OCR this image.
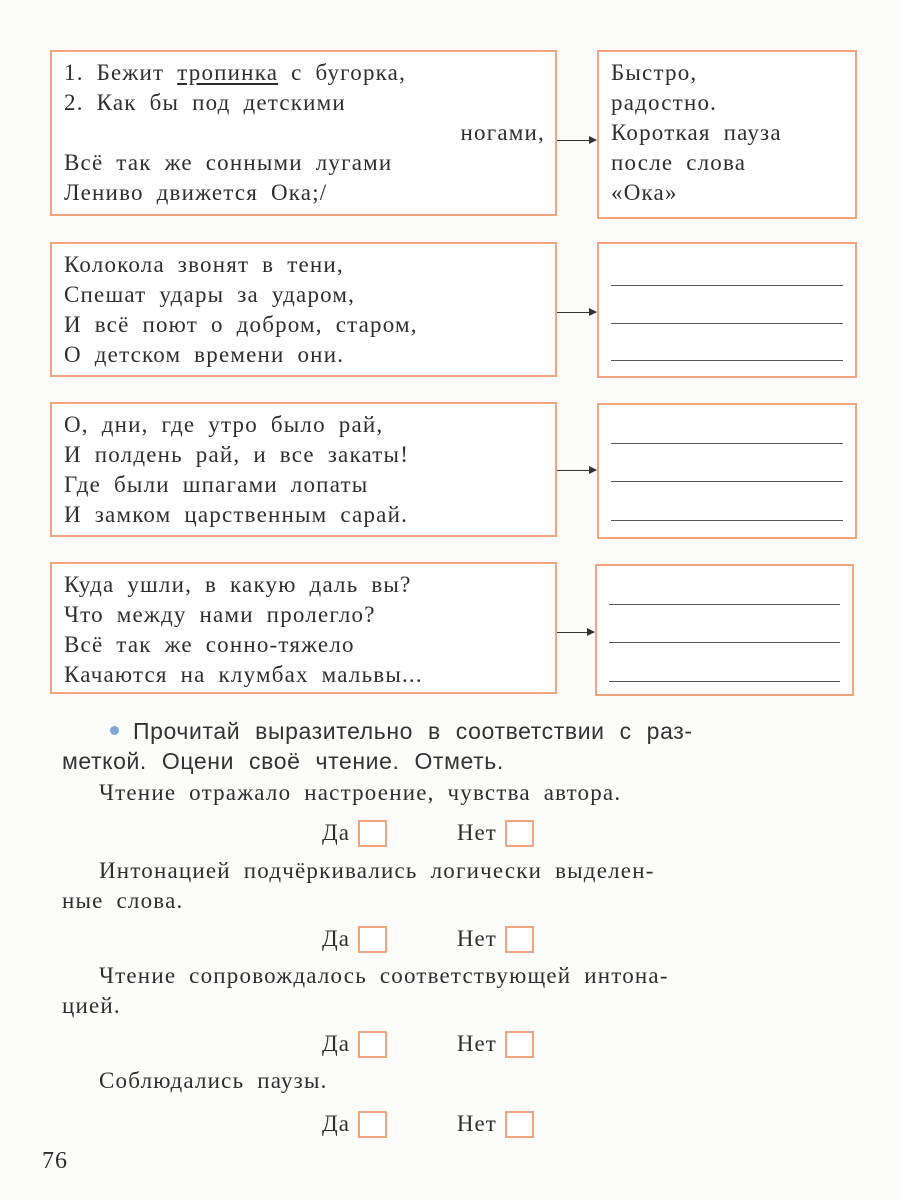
1. Бежит тропинка с бугорка,
2. Как бы под детскими
ногами,
Всё так же сонными лугами
Лениво движется Ока;/
Быстро,
радостно.
Короткая пауза
после слова
«Ока»
Колокола звонят в тени,
Спешат удары за ударом,
И всё поют о добром, старом,
О детском времени они.
О, дни, где утро было рай,
И полдень рай, и все закаты!
Где были шпагами лопаты
И замком царственным сарай.
Куда ушли, в какую даль вы?
Что между нами пролегло?
Всё так же сонно-тяжело
Качаются на клумбах мальвы...
Прочитай выразительно в соответствии с раз-
меткой. Оцени своё чтение. Отметь.
Чтение отражало настроение, чувства автора.
Да	Нет
Интонацией подчёркивались логически выделен-
ные слова.
Да	Нет
Чтение сопровождалось соответствующей интона-
цией.
Да	Нет
Соблюдались паузы.
Да	Нет
76
